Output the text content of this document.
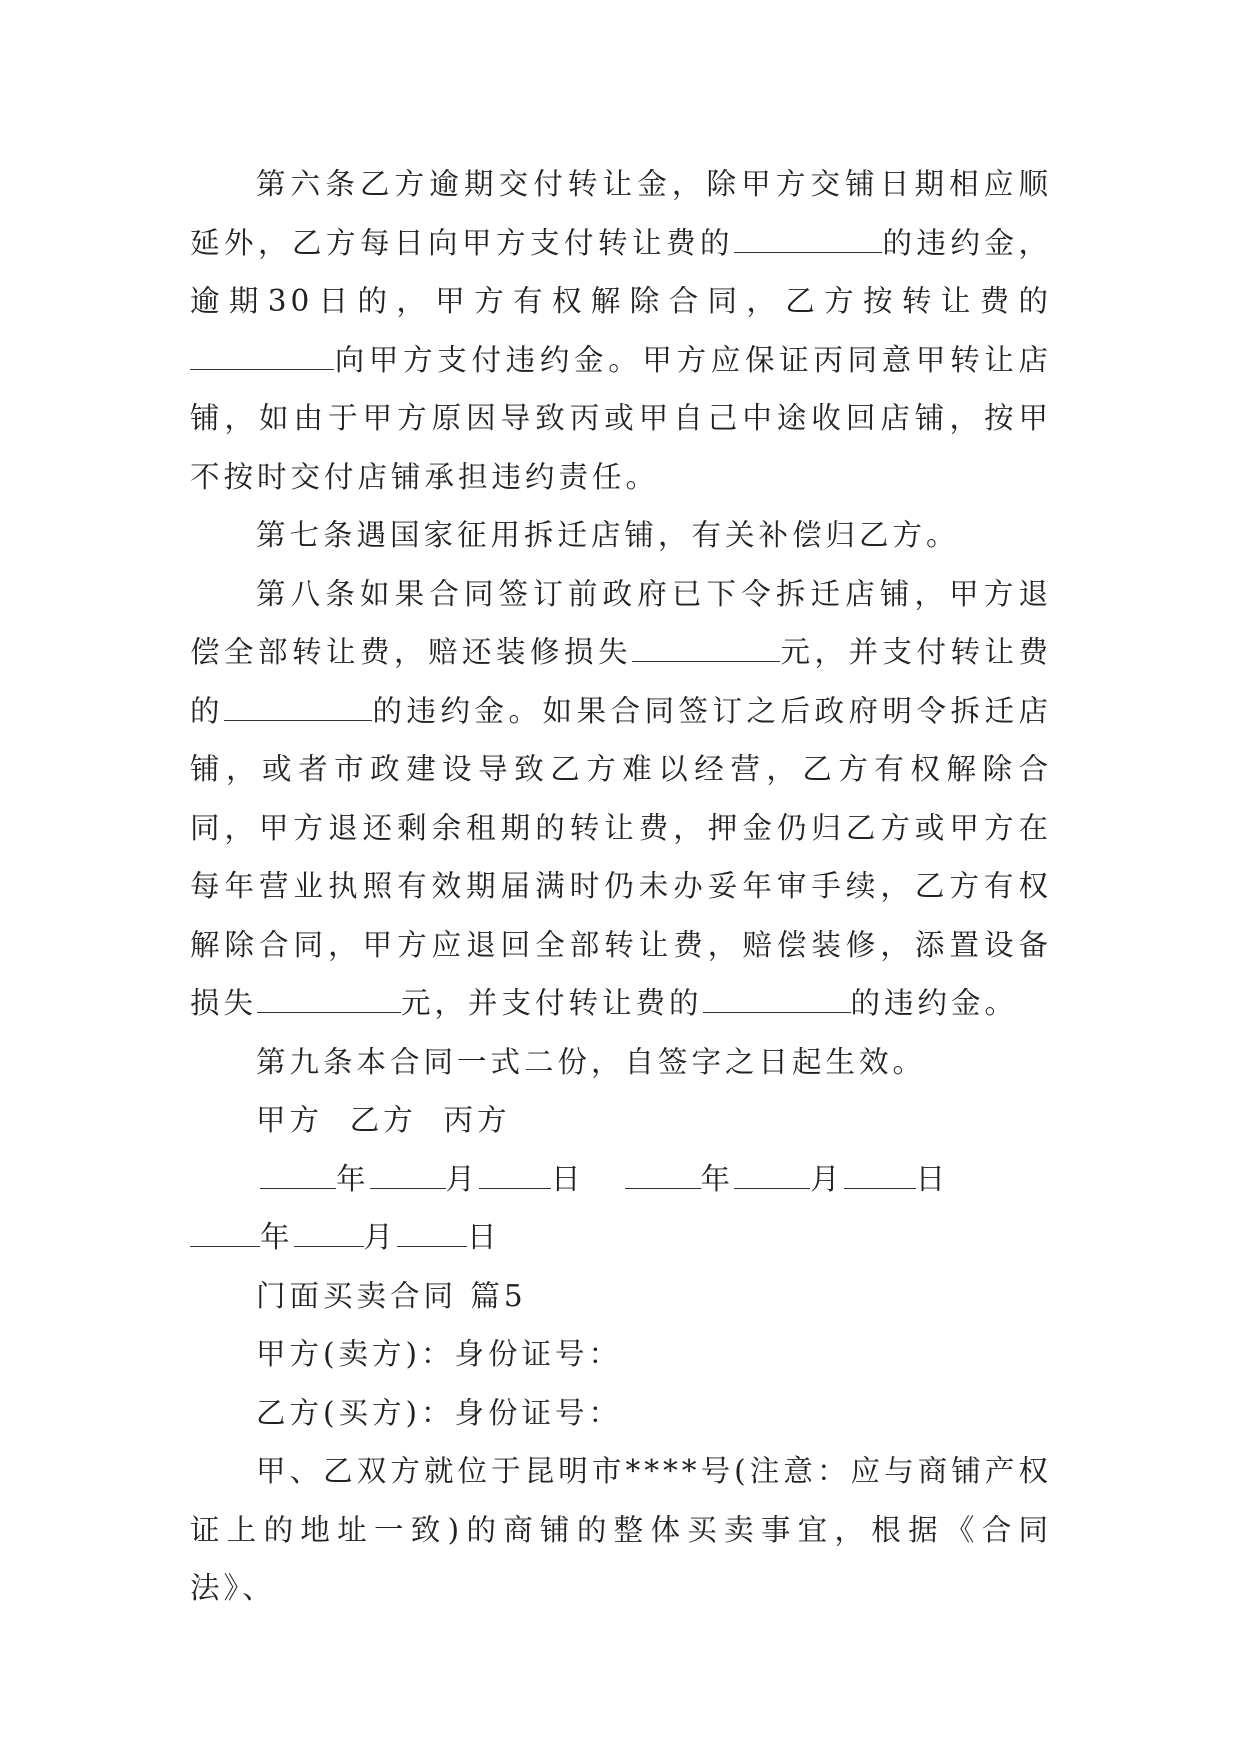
第六条乙方逾期交付转让金，除甲方交铺日期相应顺延外，乙方每日向甲方支付转让费的	的违约金，逾期30日的，甲方有权解除合同，乙方按转让费的向甲方支付违约金。甲方应保证丙同意甲转让店铺，如由于甲方原因导致丙或甲自己中途收回店铺，按甲不按时交付店铺承担违约责任。

第七条遇国家征用拆迁店铺，有关补偿归乙方。

第八条如果合同签订前政府已下令拆迁店铺，甲方退偿全部转让费，赔还装修损失	元，并支付转让费的	的违约金。如果合同签订之后政府明令拆迁店铺，或者市政建设导致乙方难以经营，乙方有权解除合同，甲方退还剩余租期的转让费，押金仍归乙方或甲方在每年营业执照有效期届满时仍未办妥年审手续，乙方有权解除合同，甲方应退回全部转让费，赔偿装修，添置设备损失	元，并支付转让费的	的违约金。

第九条本合同一式二份，自签字之日起生效。

甲方  乙方  丙方

年	月 日	年	月 日

年 月 日

门面买卖合同 篇5

甲方(卖方)：身份证号：

乙方(买方)：身份证号：

甲、乙双方就位于昆明市****号(注意：应与商铺产权证上的地址一致)的商铺的整体买卖事宜，根据《合同法》、
